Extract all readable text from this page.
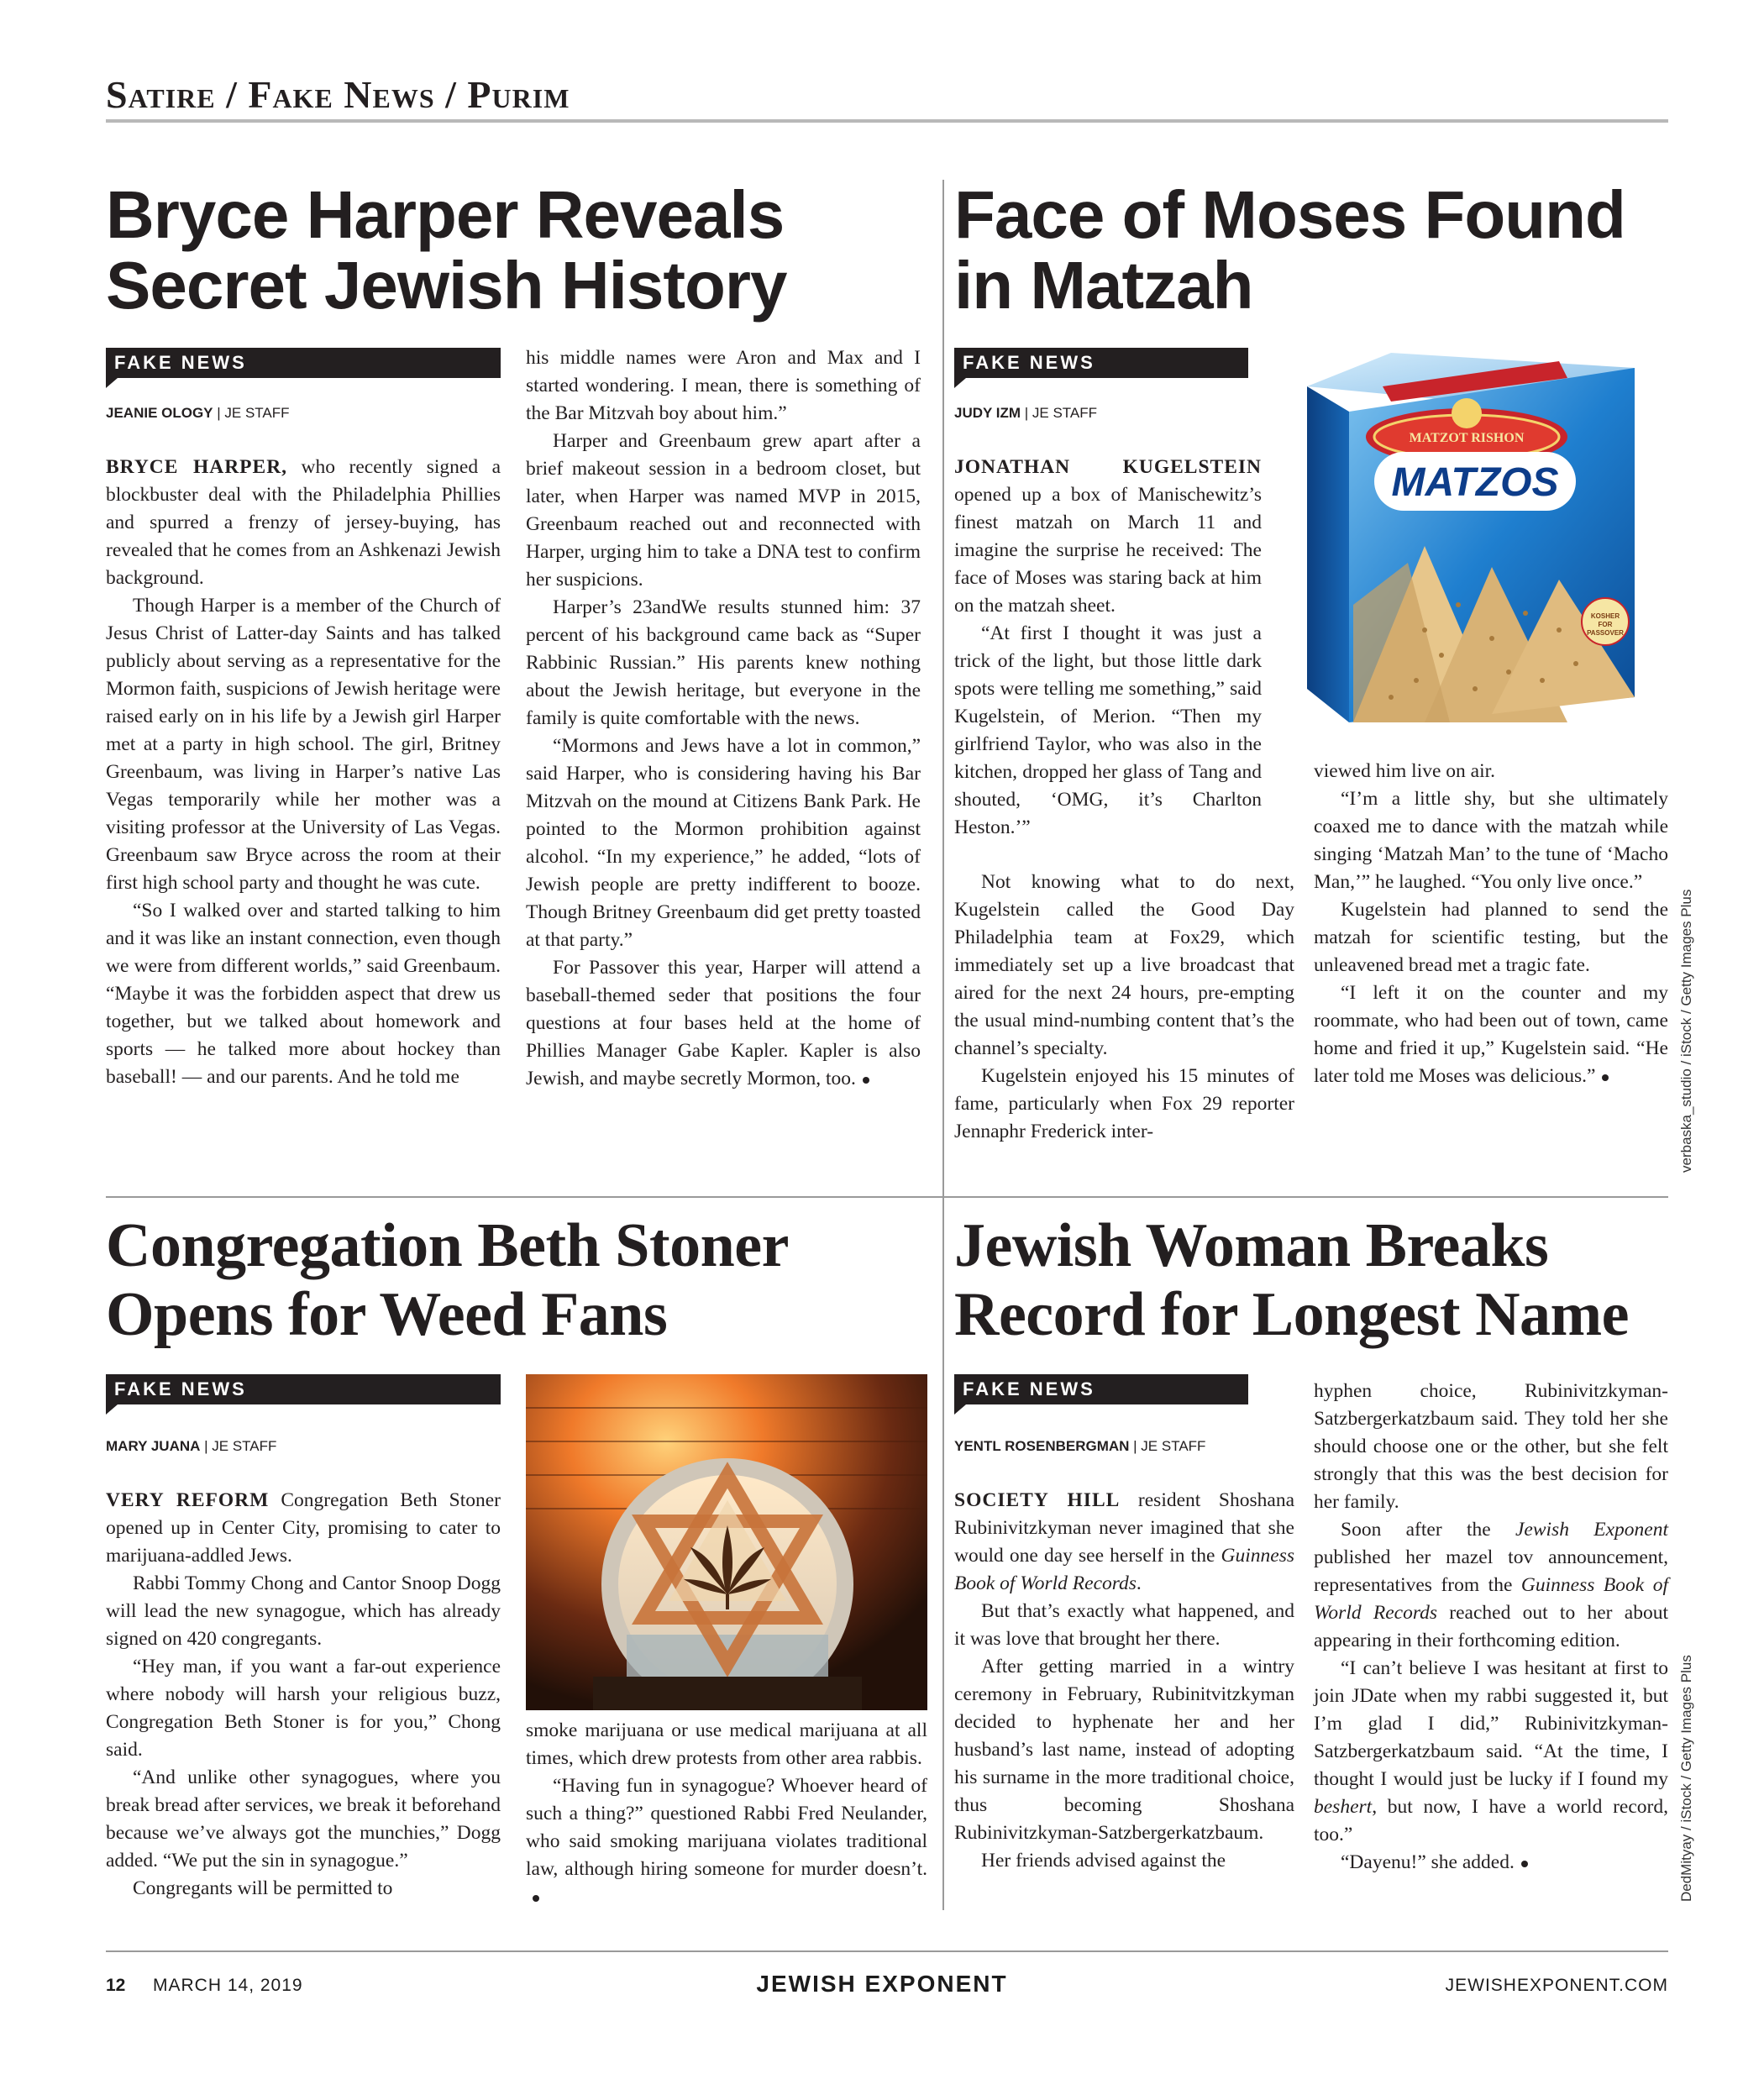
Satire / Fake News / Purim
Bryce Harper Reveals
Secret Jewish History
FAKE NEWS
JEANIE OLOGY | JE STAFF

BRYCE HARPER, who recently signed a blockbuster deal with the Philadelphia Phillies and spurred a frenzy of jersey-buying, has revealed that he comes from an Ashkenazi Jewish background.

Though Harper is a member of the Church of Jesus Christ of Latter-day Saints and has talked publicly about serving as a representative for the Mormon faith, suspicions of Jewish heritage were raised early on in his life by a Jewish girl Harper met at a party in high school. The girl, Britney Greenbaum, was living in Harper’s native Las Vegas temporarily while her mother was a visiting professor at the University of Las Vegas. Greenbaum saw Bryce across the room at their first high school party and thought he was cute.

“So I walked over and started talking to him and it was like an instant connection, even though we were from different worlds,” said Greenbaum. “Maybe it was the forbidden aspect that drew us together, but we talked about homework and sports — he talked more about hockey than baseball! — and our parents. And he told me

his middle names were Aron and Max and I started wondering. I mean, there is something of the Bar Mitzvah boy about him.”

Harper and Greenbaum grew apart after a brief makeout session in a bedroom closet, but later, when Harper was named MVP in 2015, Greenbaum reached out and reconnected with Harper, urging him to take a DNA test to confirm her suspicions.

Harper’s 23andWe results stunned him: 37 percent of his background came back as “Super Rabbinic Russian.” His parents knew nothing about the Jewish heritage, but everyone in the family is quite comfortable with the news.

“Mormons and Jews have a lot in common,” said Harper, who is considering having his Bar Mitzvah on the mound at Citizens Bank Park. He pointed to the Mormon prohibition against alcohol. “In my experience,” he added, “lots of Jewish people are pretty indifferent to booze. Though Britney Greenbaum did get pretty toasted at that party.”

For Passover this year, Harper will attend a baseball-themed seder that positions the four questions at four bases held at the home of Phillies Manager Gabe Kapler. Kapler is also Jewish, and maybe secretly Mormon, too.

Face of Moses Found
in Matzah
FAKE NEWS
JUDY IZM | JE STAFF
MATZOS
MATZOT RISHON
KOSHER
FOR
PASSOVER

JONATHAN KUGELSTEIN opened up a box of Manischewitz’s finest matzah on March 11 and imagine the surprise he received: The face of Moses was staring back at him on the matzah sheet.

“At first I thought it was just a trick of the light, but those little dark spots were telling me something,” said Kugelstein, of Merion. “Then my girlfriend Taylor, who was also in the kitchen, dropped her glass of Tang and shouted, ‘OMG, it’s Charlton Heston.’”

Not knowing what to do next, Kugelstein called the Good Day Philadelphia team at Fox29, which immediately set up a live broadcast that aired for the next 24 hours, pre-empting the usual mind-numbing content that’s the channel’s specialty.

Kugelstein enjoyed his 15 minutes of fame, particularly when Fox 29 reporter Jennaphr Frederick inter-

viewed him live on air.

“I’m a little shy, but she ultimately coaxed me to dance with the matzah while singing ‘Matzah Man’ to the tune of ‘Macho Man,’” he laughed. “You only live once.”

Kugelstein had planned to send the matzah for scientific testing, but the unleavened bread met a tragic fate.

“I left it on the counter and my roommate, who had been out of town, came home and fried it up,” Kugelstein said. “He later told me Moses was delicious.”	verbaska_studio / iStock / Getty Images Plus
Congregation Beth Stoner
Opens for Weed Fans
FAKE NEWS
MARY JUANA | JE STAFF

VERY REFORM Congregation Beth Stoner opened up in Center City, promising to cater to marijuana-addled Jews.

Rabbi Tommy Chong and Cantor Snoop Dogg will lead the new synagogue, which has already signed on 420 congregants.

“Hey man, if you want a far-out experience where nobody will harsh your religious buzz, Congregation Beth Stoner is for you,” Chong said.

“And unlike other synagogues, where you break bread after services, we break it beforehand because we’ve always got the munchies,” Dogg added. “We put the sin in synagogue.”

Congregants will be permitted to

smoke marijuana or use medical marijuana at all times, which drew protests from other area rabbis.

“Having fun in synagogue? Whoever heard of such a thing?” questioned Rabbi Fred Neulander, who said smoking marijuana violates traditional law, although hiring someone for murder doesn’t.

Jewish Woman Breaks
Record for Longest Name
FAKE NEWS
YENTL ROSENBERGMAN | JE STAFF

SOCIETY HILL resident Shoshana Rubinivitzkyman never imagined that she would one day see herself in the Guinness Book of World Records.

But that’s exactly what happened, and it was love that brought her there.

After getting married in a wintry ceremony in February, Rubinitvitzkyman decided to hyphenate her and her husband’s last name, instead of adopting his surname in the more traditional choice, thus becoming Shoshana Rubinivitzkyman-Satzbergerkatzbaum.

Her friends advised against the

hyphen choice, Rubinivitzkyman-Satzbergerkatzbaum said. They told her she should choose one or the other, but she felt strongly that this was the best decision for her family.

Soon after the Jewish Exponent published her mazel tov announcement, representatives from the Guinness Book of World Records reached out to her about appearing in their forthcoming edition.

“I can’t believe I was hesitant at first to join JDate when my rabbi suggested it, but I’m glad I did,” Rubinivitzkyman-Satzbergerkatzbaum said. “At the time, I thought I would just be lucky if I found my beshert, but now, I have a world record, too.”

“Dayenu!” she added.	DedMityay / iStock / Getty Images Plus
12 MARCH 14, 2019	JEWISH EXPONENT	JEWISHEXPONENT.COM
